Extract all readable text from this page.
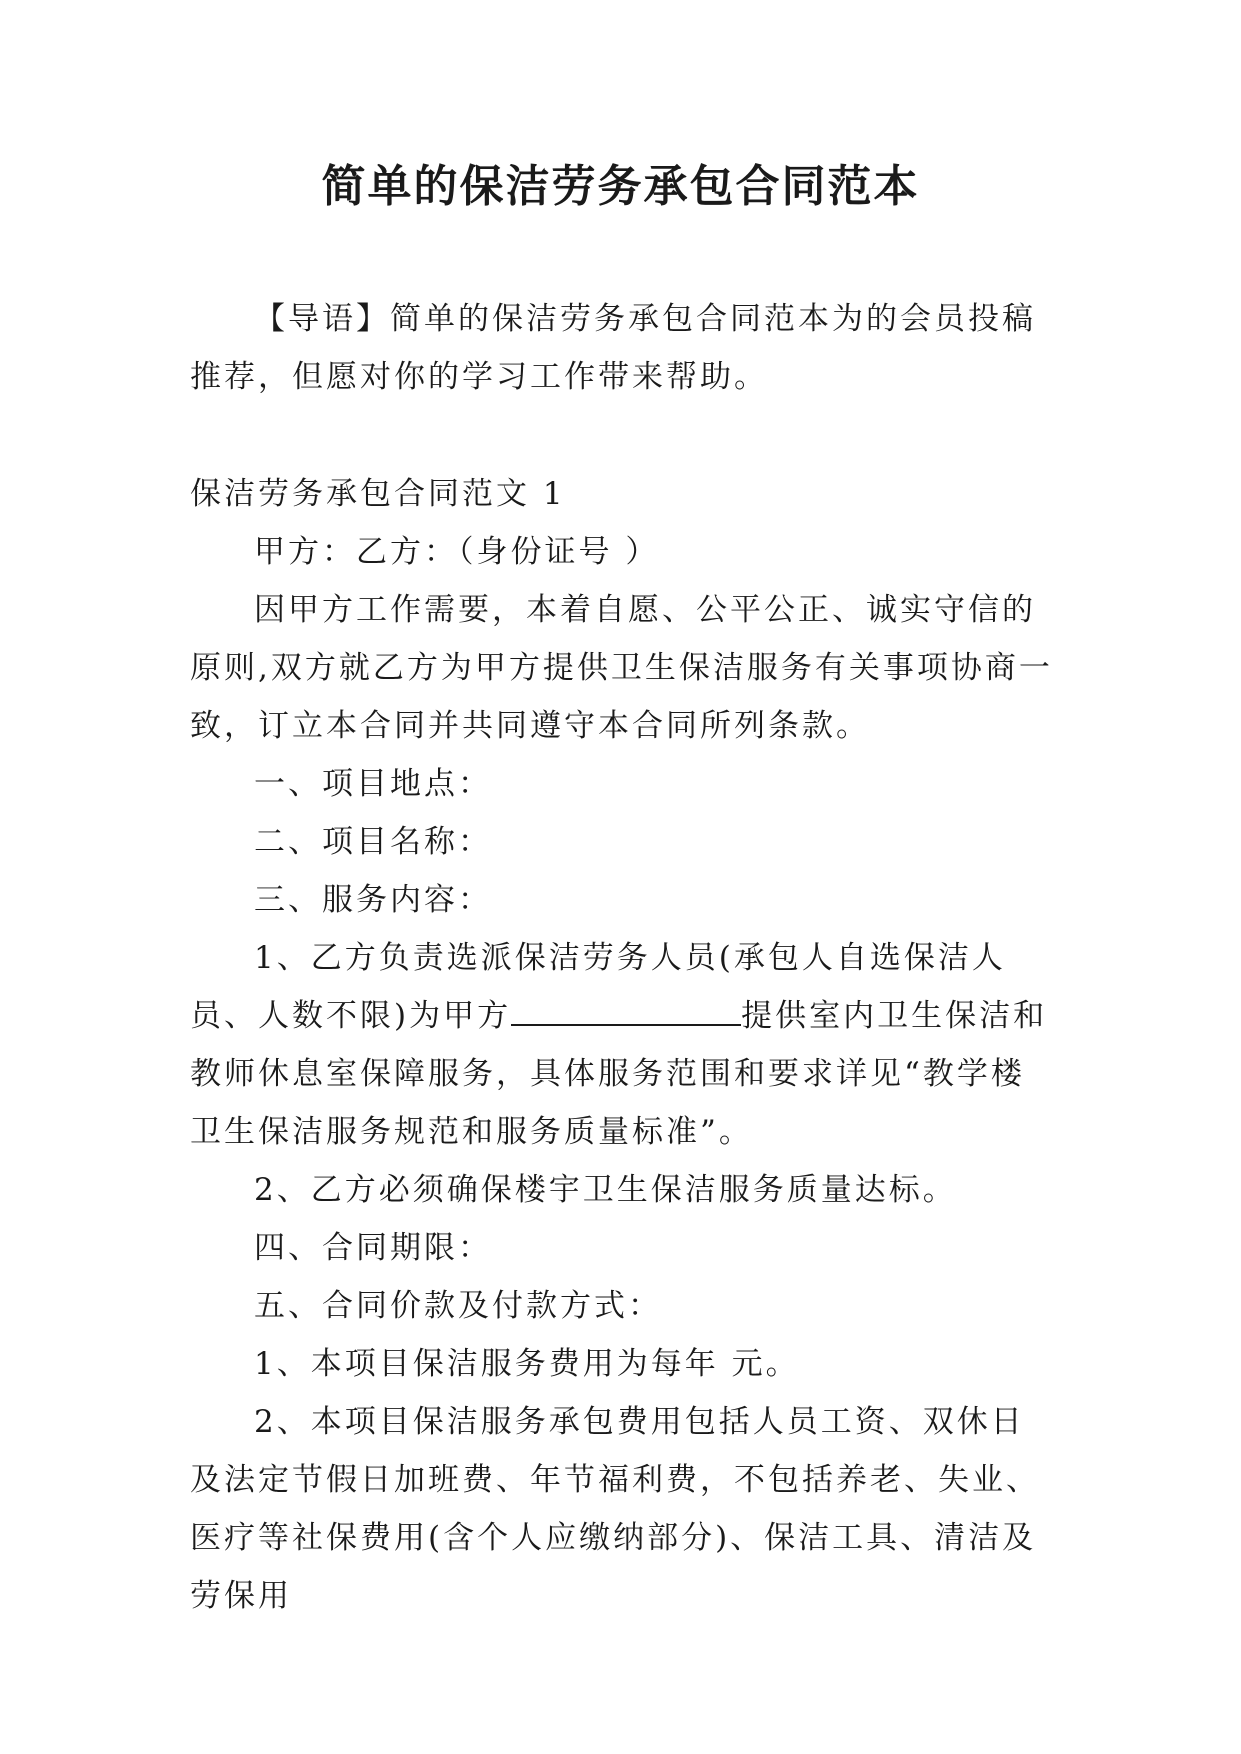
简单的保洁劳务承包合同范本

【导语】简单的保洁劳务承包合同范本为的会员投稿推荐，但愿对你的学习工作带来帮助。

保洁劳务承包合同范文 1

甲方：乙方：（身份证号 ）

因甲方工作需要，本着自愿、公平公正、诚实守信的原则,双方就乙方为甲方提供卫生保洁服务有关事项协商一致，订立本合同并共同遵守本合同所列条款。

一、项目地点：

二、项目名称：

三、服务内容：

1、乙方负责选派保洁劳务人员(承包人自选保洁人员、人数不限)为甲方	提供室内卫生保洁和教师休息室保障服务，具体服务范围和要求详见“教学楼卫生保洁服务规范和服务质量标准”。

2、乙方必须确保楼宇卫生保洁服务质量达标。

四、合同期限：

五、合同价款及付款方式：

1、本项目保洁服务费用为每年 元。

2、本项目保洁服务承包费用包括人员工资、双休日及法定节假日加班费、年节福利费，不包括养老、失业、医疗等社保费用(含个人应缴纳部分)、保洁工具、清洁及劳保用
